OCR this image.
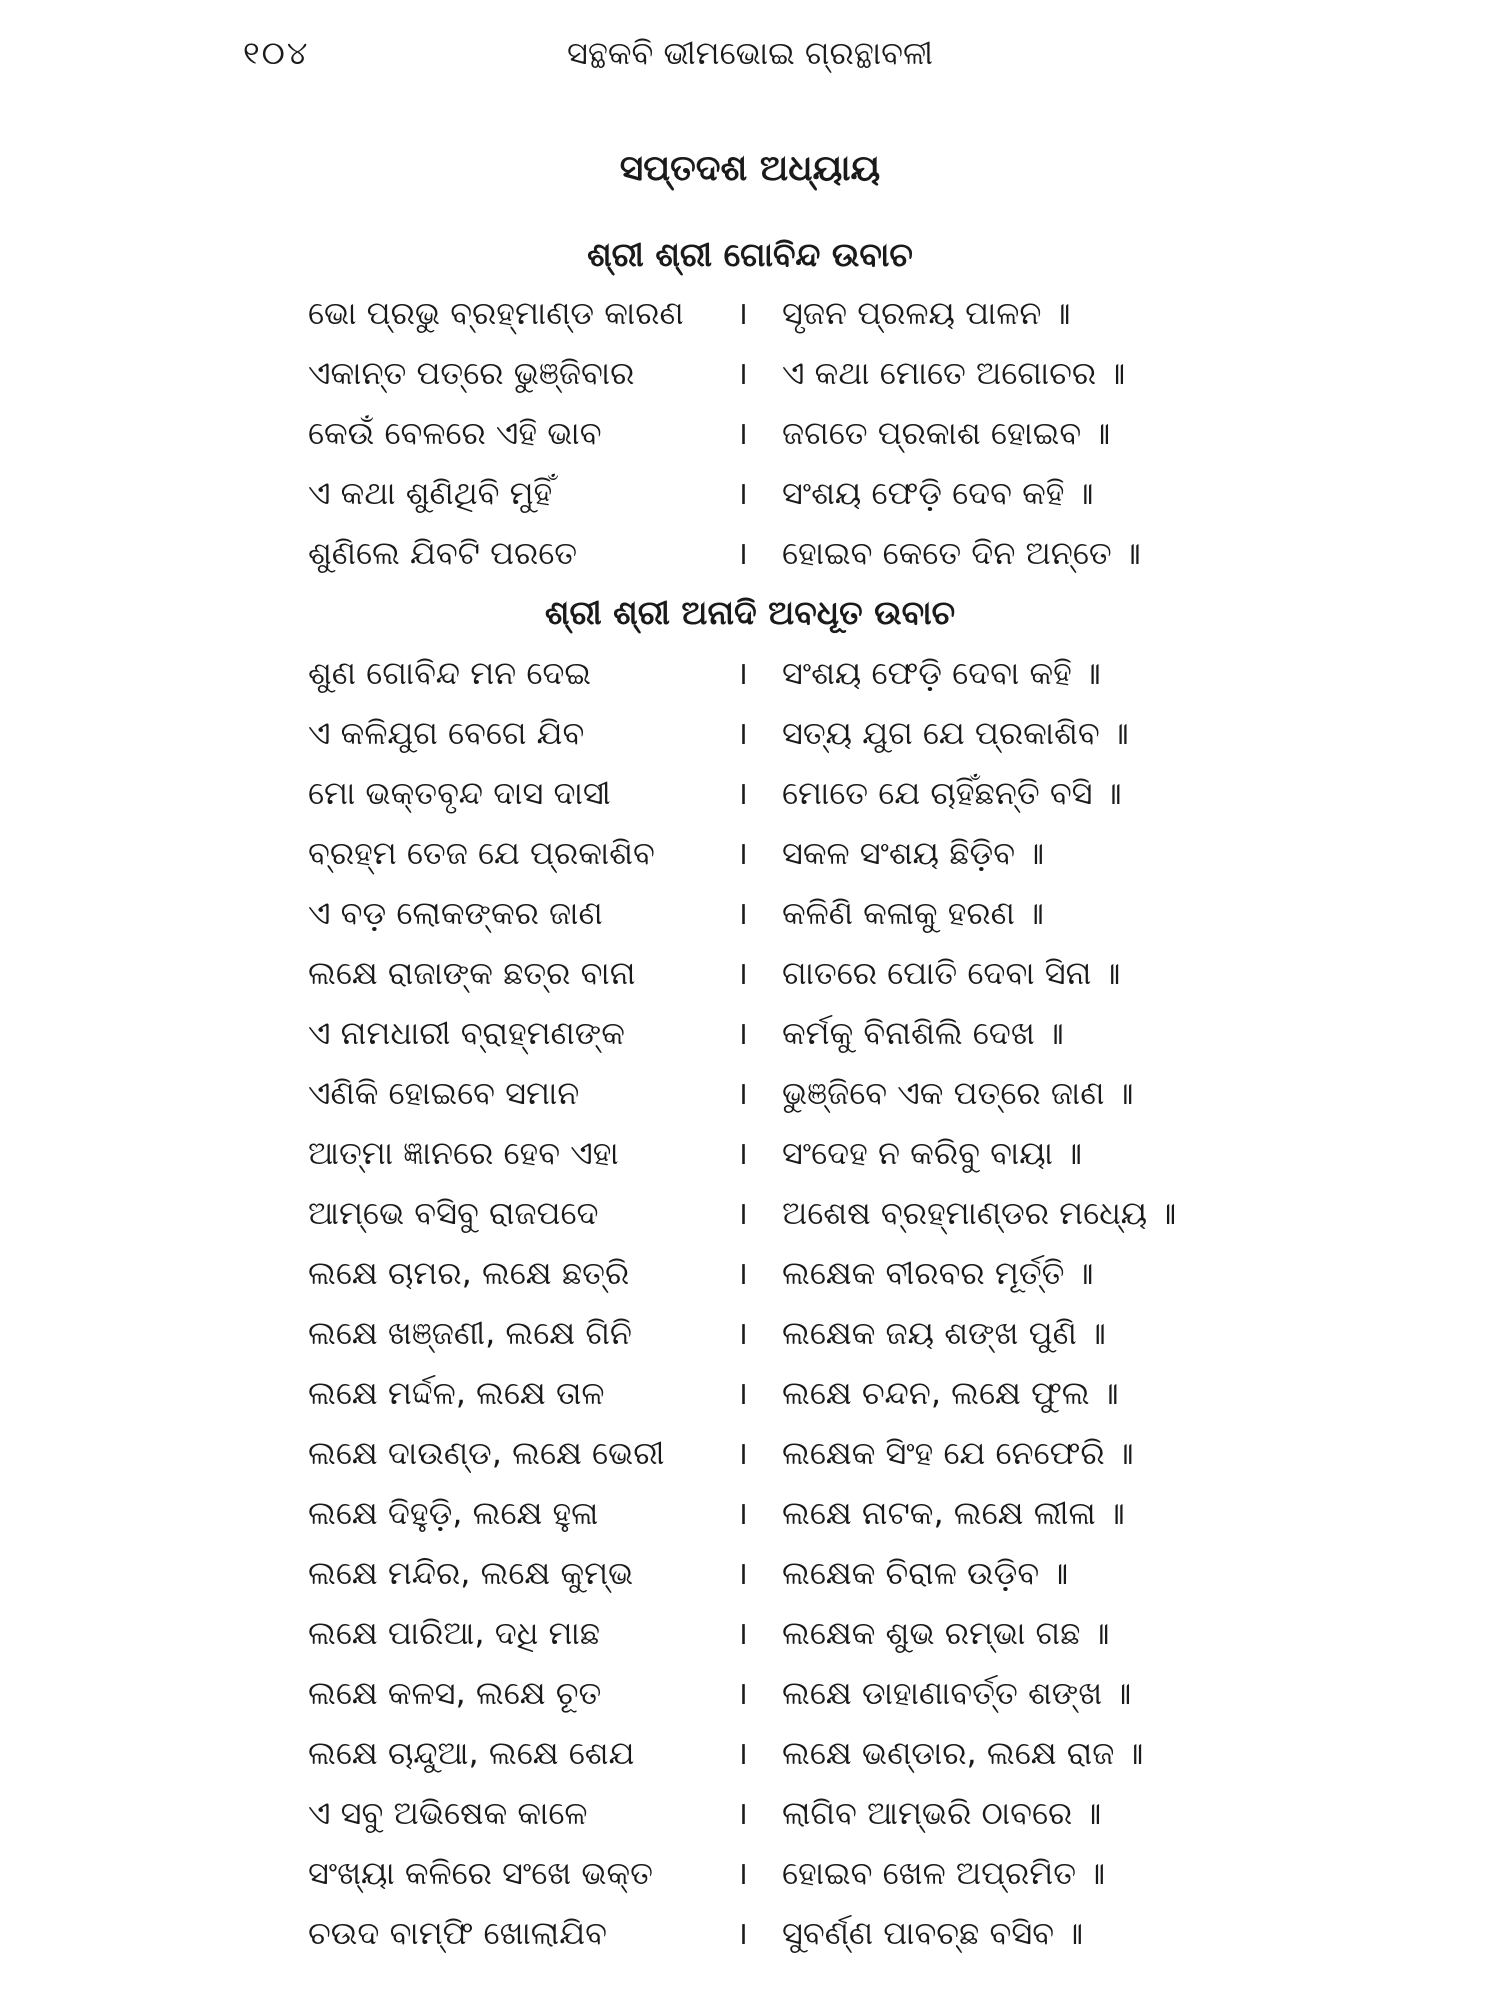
୧୦୪	ସନ୍ଥକବି ଭୀମଭୋଇ ଗ୍ରନ୍ଥାବଳୀ
ସପ୍ତଦଶ ଅଧ୍ୟାୟ
ଶ୍ରୀ ଶ୍ରୀ ଗୋବିନ୍ଦ ଉବାଚ
ଭୋ ପ୍ରଭୁ ବ୍ରହ୍ମାଣ୍ଡ କାରଣ । ସୃଜନ ପ୍ରଳୟ ପାଳନ ॥
ଏକାନ୍ତ ପତ୍ରେ ଭୁଞ୍ଜିବାର	। ଏ କଥା ମୋତେ ଅଗୋଚର ॥
କେଉଁ ବେଳରେ ଏହି ଭାବ	। ଜଗତେ ପ୍ରକାଶ ହୋଇବ ॥
ଏ କଥା ଶୁଣିଥିବି ମୁହିଁ	। ସଂଶୟ ଫେଡ଼ି ଦେବ କହି ॥
ଶୁଣିଲେ ଯିବଟି ପରତେ	। ହୋଇବ କେତେ ଦିନ ଅନ୍ତେ ॥
ଶ୍ରୀ ଶ୍ରୀ ଅନାଦି ଅବଧୂତ ଉବାଚ
ଶୁଣ ଗୋବିନ୍ଦ ମନ ଦେଇ	। ସଂଶୟ ଫେଡ଼ି ଦେବା କହି ॥
ଏ କଳିଯୁଗ ବେଗେ ଯିବ	। ସତ୍ୟ ଯୁଗ ଯେ ପ୍ରକାଶିବ ॥
ମୋ ଭକ୍ତବୃନ୍ଦ ଦାସ ଦାସୀ	। ମୋତେ ଯେ ଚାହିଁଛନ୍ତି ବସି ॥
ବ୍ରହ୍ମ ତେଜ ଯେ ପ୍ରକାଶିବ	। ସକଳ ସଂଶୟ ଛିଡ଼ିବ ॥
ଏ ବଡ଼ ଲୋକଙ୍କର ଜାଣ	। କଳିଣି କଳାକୁ ହରଣ ॥
ଲକ୍ଷେ ରାଜାଙ୍କ ଛତ୍ର ବାନା	। ଗାତରେ ପୋତି ଦେବା ସିନା ॥
ଏ ନାମଧାରୀ ବ୍ରାହ୍ମଣଙ୍କ	। କର୍ମକୁ ବିନାଶିଲି ଦେଖ ॥
ଏଣିକି ହୋଇବେ ସମାନ	। ଭୁଞ୍ଜିବେ ଏକ ପତ୍ରେ ଜାଣ ॥
ଆତ୍ମା ଜ୍ଞାନରେ ହେବ ଏହା	। ସଂଦେହ ନ କରିବୁ ବାୟା ॥
ଆମ୍ଭେ ବସିବୁ ରାଜପଦେ	। ଅଶେଷ ବ୍ରହ୍ମାଣ୍ଡର ମଧ୍ୟେ ॥
ଲକ୍ଷେ ଚାମର, ଲକ୍ଷେ ଛତ୍ରି	। ଲକ୍ଷେକ ବୀରବର ମୂର୍ତ୍ତି ॥
ଲକ୍ଷେ ଖଞ୍ଜଣୀ, ଲକ୍ଷେ ଗିନି	। ଲକ୍ଷେକ ଜୟ ଶଙ୍ଖ ପୁଣି ॥
ଲକ୍ଷେ ମର୍ଦ୍ଦଳ, ଲକ୍ଷେ ତାଳ	। ଲକ୍ଷେ ଚନ୍ଦନ, ଲକ୍ଷେ ଫୁଲ ॥
ଲକ୍ଷେ ଦାଉଣ୍ଡ, ଲକ୍ଷେ ଭେରୀ । ଲକ୍ଷେକ ସିଂହ ଯେ ନେଫେରି ॥
ଲକ୍ଷେ ଦିହୁଡ଼ି, ଲକ୍ଷେ ହୁଳା	। ଲକ୍ଷେ ନାଟକ, ଲକ୍ଷେ ଲୀଳା ॥
ଲକ୍ଷେ ମନ୍ଦିର, ଲକ୍ଷେ କୁମ୍ଭ	। ଲକ୍ଷେକ ଚିରାଳ ଉଡ଼ିବ ॥
ଲକ୍ଷେ ପାରିଆ, ଦଧି ମାଛ	। ଲକ୍ଷେକ ଶୁଭ ରମ୍ଭା ଗଛ ॥
ଲକ୍ଷେ କଳସ, ଲକ୍ଷେ ଚୂତ	। ଲକ୍ଷେ ଡାହାଣାବର୍ତ୍ତ ଶଙ୍ଖ ॥
ଲକ୍ଷେ ଚାନ୍ଦୁଆ, ଲକ୍ଷେ ଶେଯ	। ଲକ୍ଷେ ଭଣ୍ଡାର, ଲକ୍ଷେ ରାଜ ॥
ଏ ସବୁ ଅଭିଷେକ କାଳେ	। ଲାଗିବ ଆମ୍ଭରି ଠାବରେ ॥
ସଂଖ୍ୟା କଳିରେ ସଂଖେ ଭକ୍ତ	। ହୋଇବ ଖେଳ ଅପ୍ରମିତ ॥
ଚଉଦ ବାମ୍ଫି ଖୋଲାଯିବ	। ସୁବର୍ଣ୍ଣ ପାବଚ୍ଛ ବସିବ ॥
